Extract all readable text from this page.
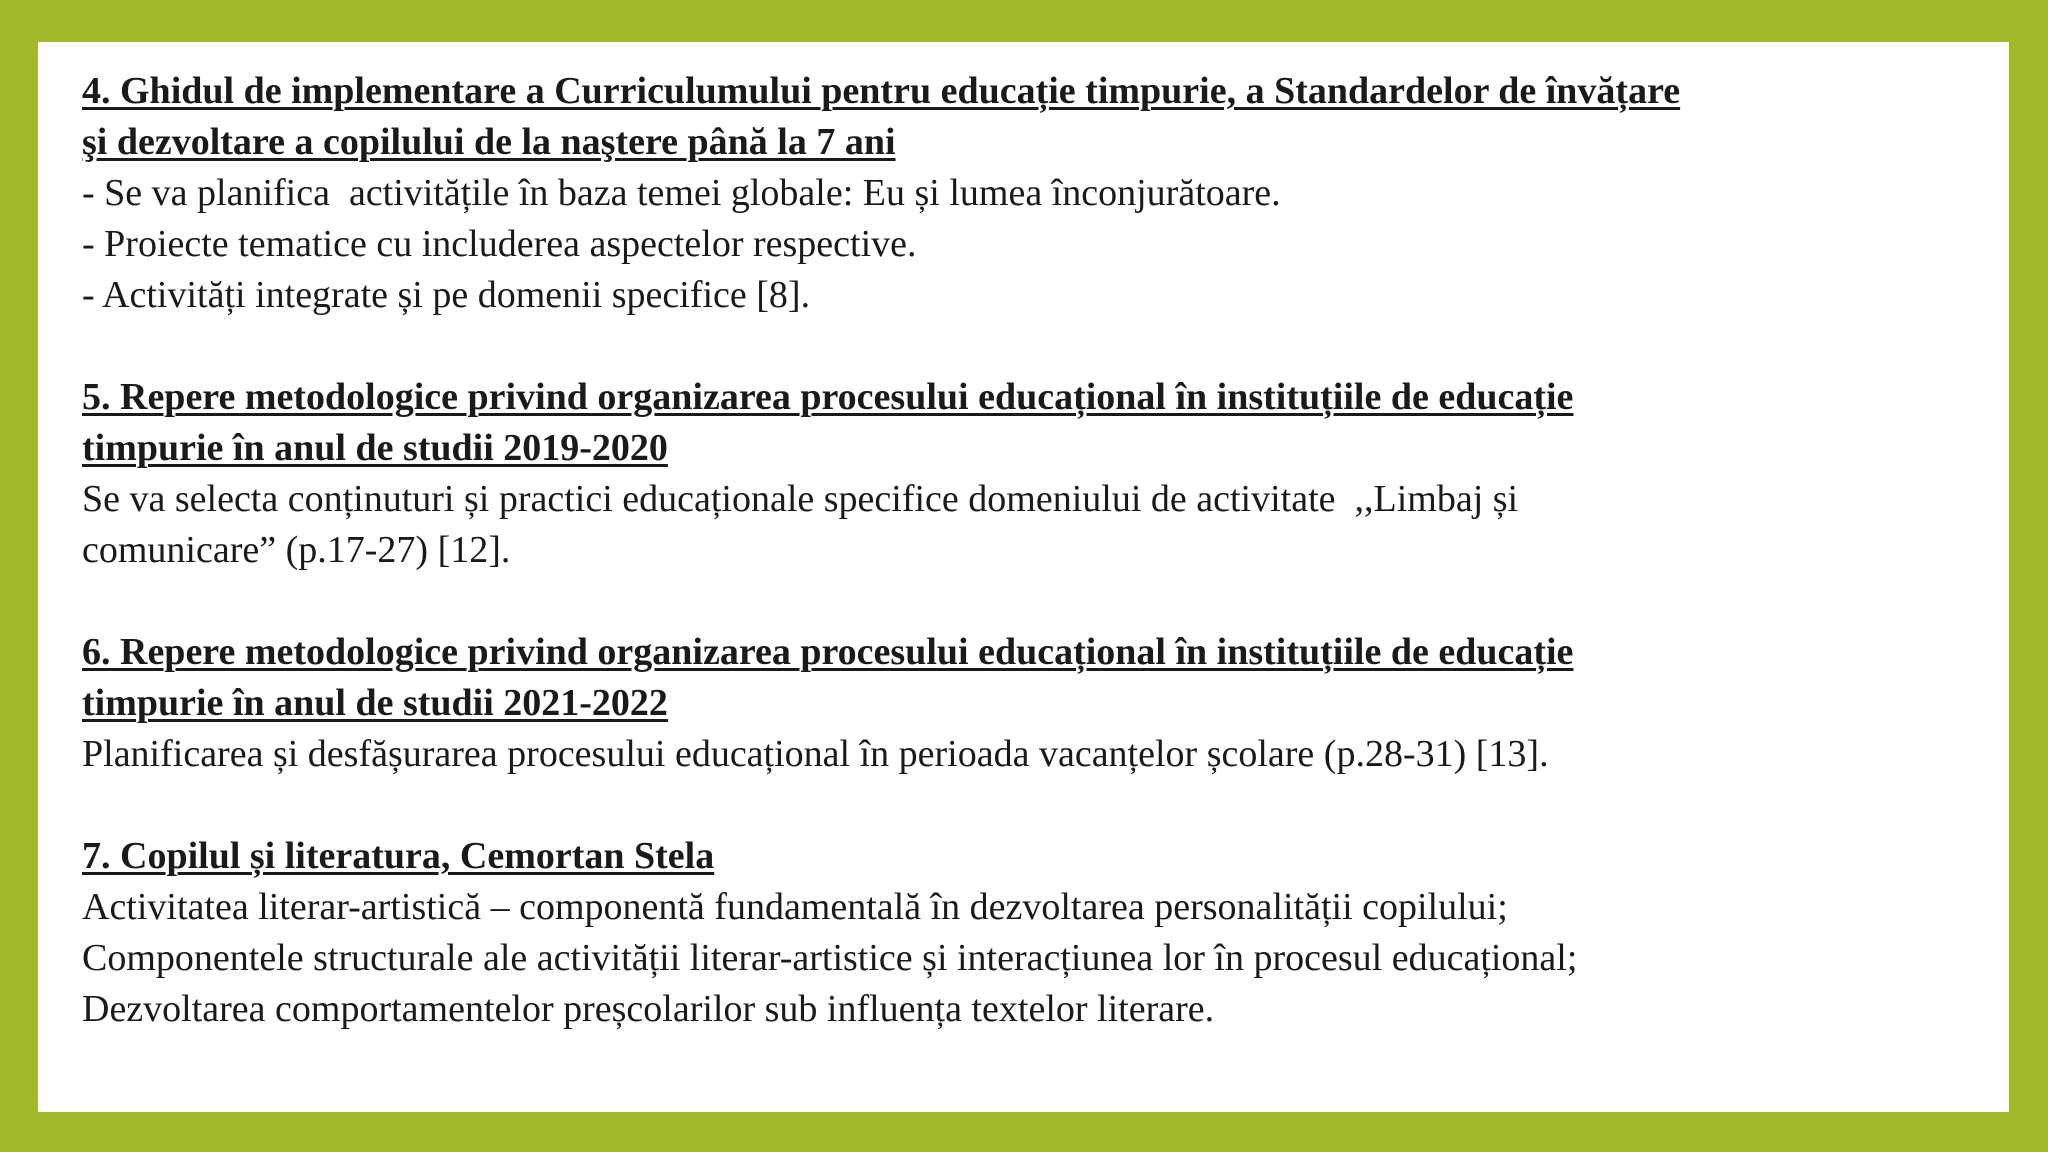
4. Ghidul de implementare a Curriculumului pentru educație timpurie, a Standardelor de învățare
şi dezvoltare a copilului de la naştere până la 7 ani
- Se va planifica  activitățile în baza temei globale: Eu și lumea înconjurătoare.
- Proiecte tematice cu includerea aspectelor respective.
- Activități integrate și pe domenii specifice [8].
5. Repere metodologice privind organizarea procesului educațional în instituțiile de educație
timpurie în anul de studii 2019-2020
Se va selecta conținuturi și practici educaționale specifice domeniului de activitate  ,,Limbaj și
comunicare” (p.17-27) [12].
6. Repere metodologice privind organizarea procesului educațional în instituțiile de educație
timpurie în anul de studii 2021-2022
Planificarea și desfășurarea procesului educațional în perioada vacanțelor școlare (p.28-31) [13].
7. Copilul și literatura, Cemortan Stela
Activitatea literar-artistică – componentă fundamentală în dezvoltarea personalității copilului;
Componentele structurale ale activității literar-artistice și interacțiunea lor în procesul educațional;
Dezvoltarea comportamentelor preșcolarilor sub influența textelor literare.
